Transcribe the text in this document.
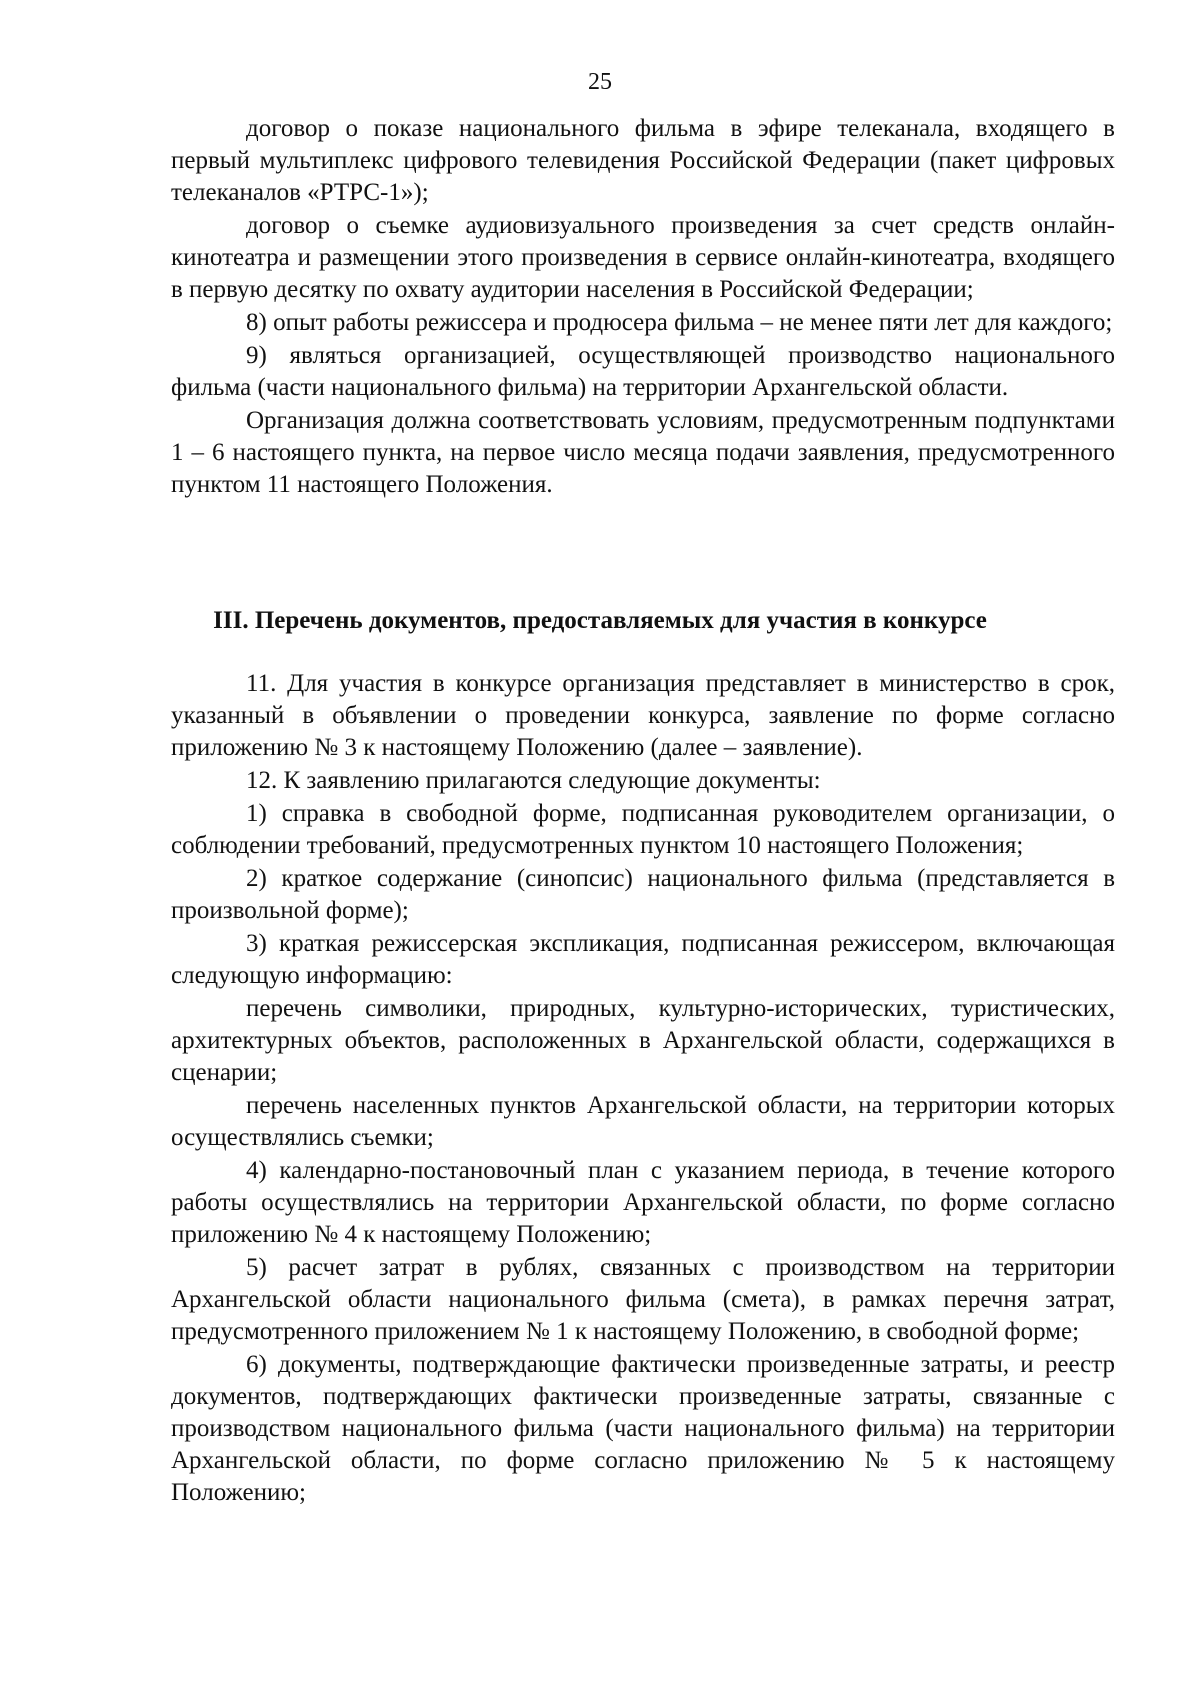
25

договор о показе национального фильма в эфире телеканала, входящего в первый мультиплекс цифрового телевидения Российской Федерации (пакет цифровых телеканалов «РТРС-1»);

договор о съемке аудиовизуального произведения за счет средств онлайн-кинотеатра и размещении этого произведения в сервисе онлайн-кинотеатра, входящего в первую десятку по охвату аудитории населения в Российской Федерации;

8) опыт работы режиссера и продюсера фильма – не менее пяти лет для каждого;

9) являться организацией, осуществляющей производство национального фильма (части национального фильма) на территории Архангельской области.

Организация должна соответствовать условиям, предусмотренным подпунктами 1 – 6 настоящего пункта, на первое число месяца подачи заявления, предусмотренного пунктом 11 настоящего Положения.

III. Перечень документов, предоставляемых для участия в конкурсе

11. Для участия в конкурсе организация представляет в министерство в срок, указанный в объявлении о проведении конкурса, заявление по форме согласно приложению № 3 к настоящему Положению (далее – заявление).

12. К заявлению прилагаются следующие документы:

1) справка в свободной форме, подписанная руководителем организации, о соблюдении требований, предусмотренных пунктом 10 настоящего Положения;

2) краткое содержание (синопсис) национального фильма (представляется в произвольной форме);

3) краткая режиссерская экспликация, подписанная режиссером, включающая следующую информацию:

перечень символики, природных, культурно-исторических, туристических, архитектурных объектов, расположенных в Архангельской области, содержащихся в сценарии;

перечень населенных пунктов Архангельской области, на территории которых осуществлялись съемки;

4) календарно-постановочный план с указанием периода, в течение которого работы осуществлялись на территории Архангельской области, по форме согласно приложению № 4 к настоящему Положению;

5) расчет затрат в рублях, связанных с производством на территории Архангельской области национального фильма (смета), в рамках перечня затрат, предусмотренного приложением № 1 к настоящему Положению, в свободной форме;

6) документы, подтверждающие фактически произведенные затраты, и реестр документов, подтверждающих фактически произведенные затраты, связанные с производством национального фильма (части национального фильма) на территории Архангельской области, по форме согласно приложению № 5 к настоящему Положению;
